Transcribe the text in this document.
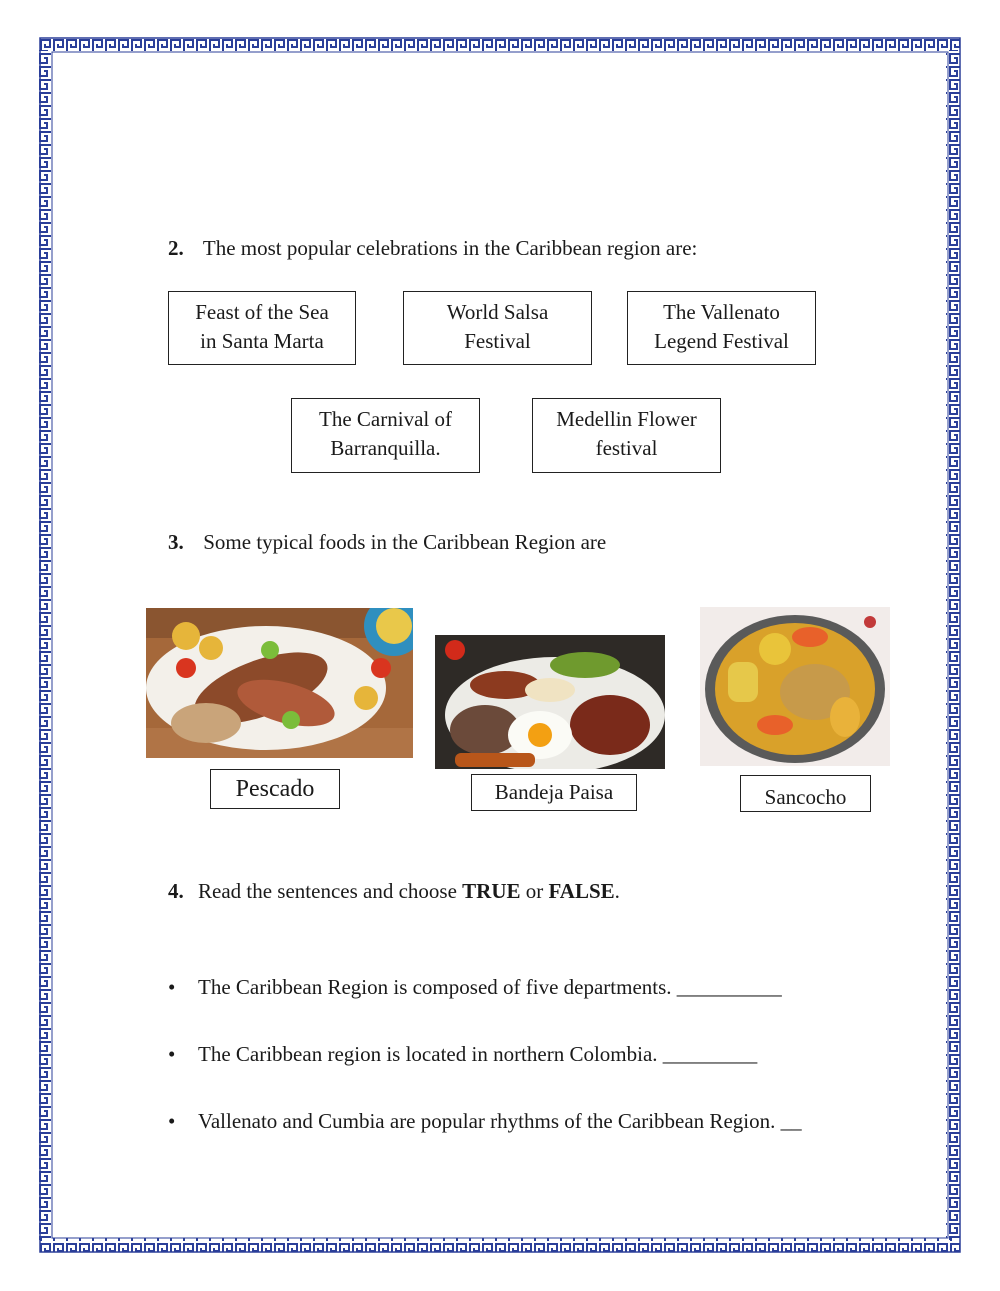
2. The most popular celebrations in the Caribbean region are:
Feast of the Sea
in Santa Marta
World Salsa
Festival
The Vallenato
Legend Festival
The Carnival of
Barranquilla.
Medellin Flower
festival
3. Some typical foods in the Caribbean Region are
Pescado	Bandeja Paisa	Sancocho
4. Read the sentences and choose TRUE or FALSE.
• The Caribbean Region is composed of five departments. __________
• The Caribbean region is located in northern Colombia. _________
• Vallenato and Cumbia are popular rhythms of the Caribbean Region. __
